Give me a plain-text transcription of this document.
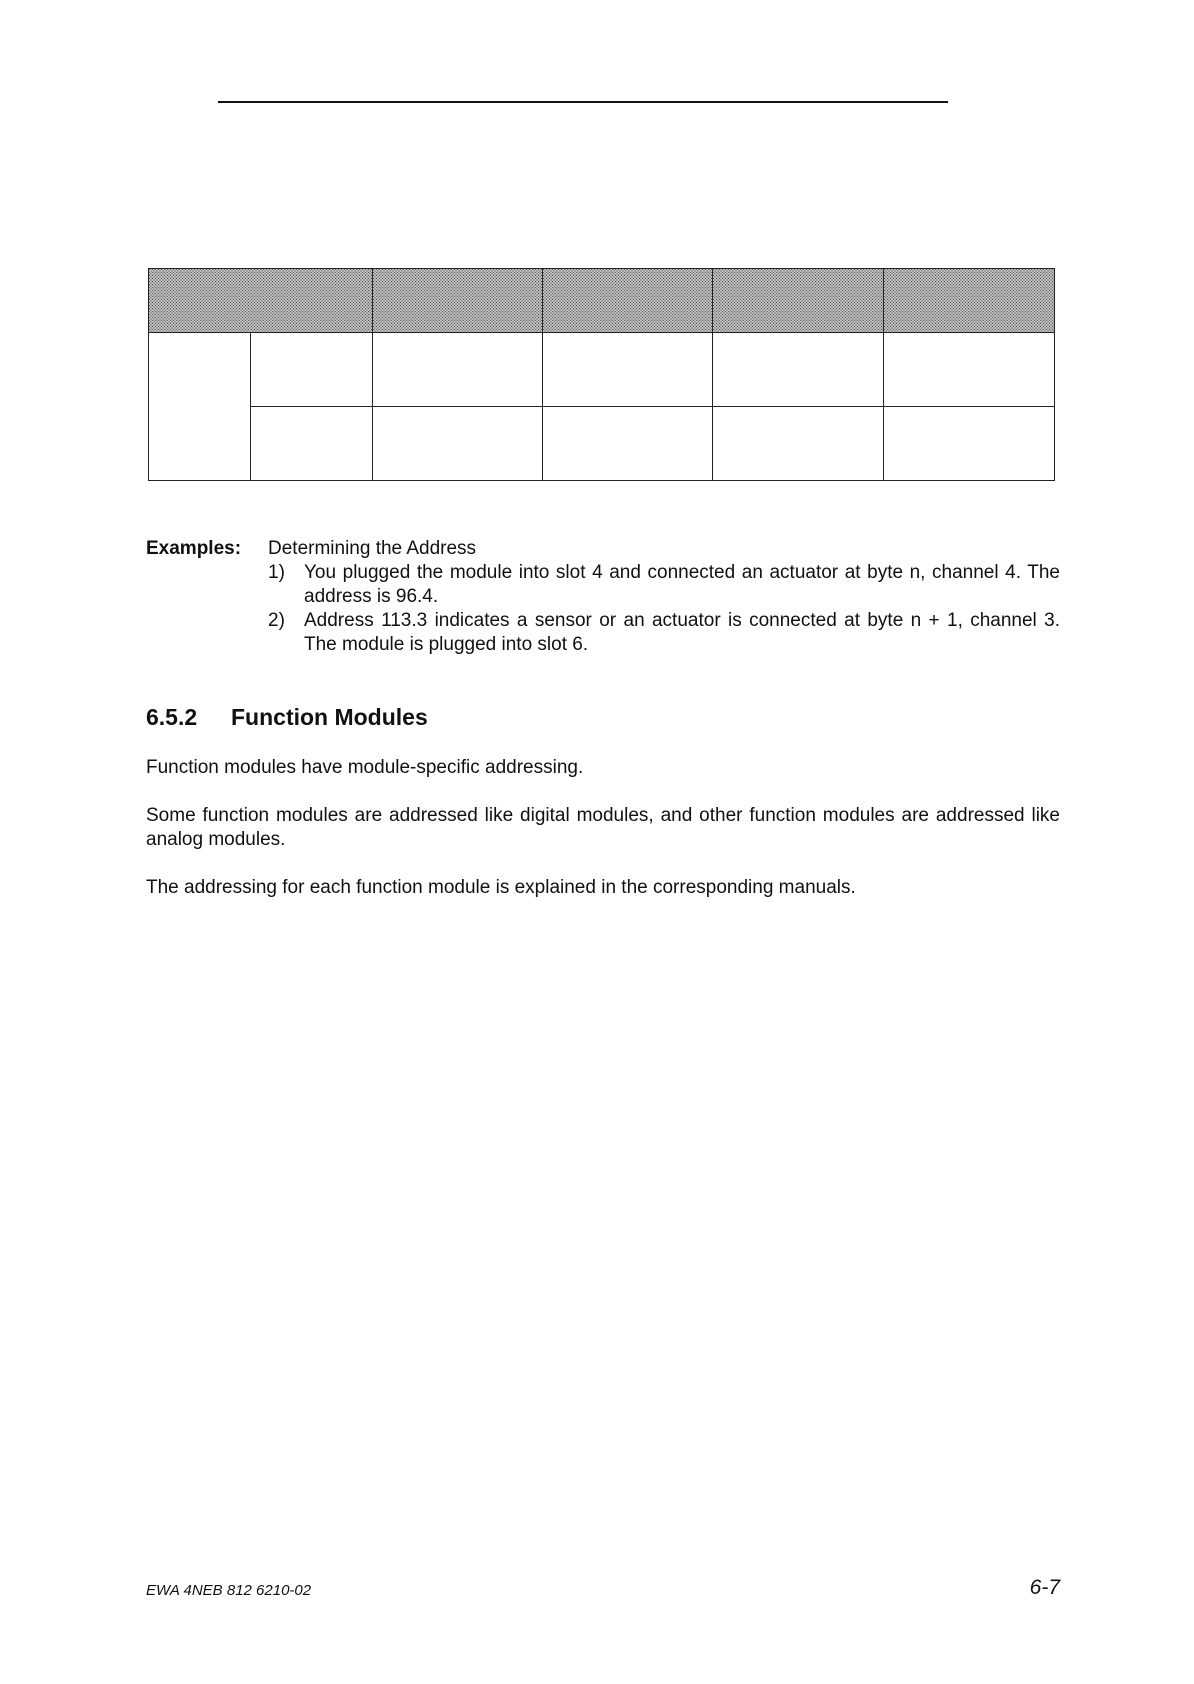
Examples: Determining the Address
1) You plugged the module into slot 4 and connected an actuator at byte n, channel 4. The address is 96.4.
2) Address 113.3 indicates a sensor or an actuator is connected at byte n + 1, channel 3. The module is plugged into slot 6.
6.5.2 Function Modules

Function modules have module-specific addressing.

Some function modules are addressed like digital modules, and other function modules are addressed like analog modules.

The addressing for each function module is explained in the corresponding manuals.

EWA 4NEB 812 6210-02	6-7
